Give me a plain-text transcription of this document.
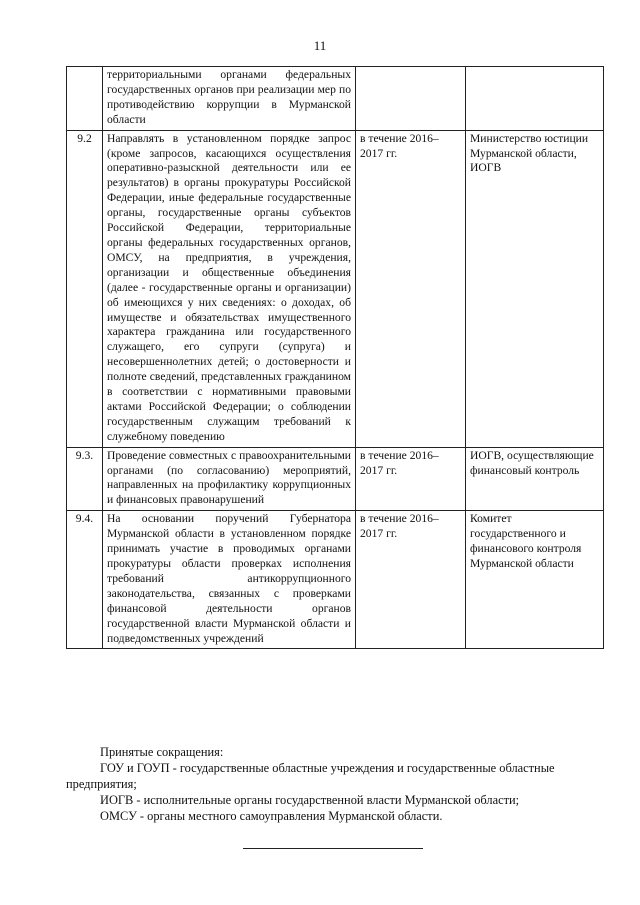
11
	территориальными органами федеральных государственных органов при реализации мер по противодействию коррупции в Мурманской области		
9.2	Направлять в установленном порядке запрос (кроме запросов, касающихся осуществления оперативно-разыскной деятельности или ее результатов) в органы прокуратуры Российской Федерации, иные федеральные государственные органы, государственные органы субъектов Российской Федерации, территориальные органы федеральных государственных органов, ОМСУ, на предприятия, в учреждения, организации и общественные объединения (далее - государственные органы и организации) об имеющихся у них сведениях: о доходах, об имуществе и обязательствах имущественного характера гражданина или государственного служащего, его супруги (супруга) и несовершеннолетних детей; о достоверности и полноте сведений, представленных гражданином в соответствии с нормативными правовыми актами Российской Федерации; о соблюдении государственным служащим требований к служебному поведению	в течение 2016–2017 гг.	Министерство юстиции Мурманской области, ИОГВ
9.3.	Проведение совместных с правоохранительными органами (по согласованию) мероприятий, направленных на профилактику коррупционных и финансовых правонарушений	в течение 2016–2017 гг.	ИОГВ, осуществляющие финансовый контроль
9.4.	На основании поручений Губернатора Мурманской области в установленном порядке принимать участие в проводимых органами прокуратуры области проверках исполнения требований антикоррупционного законодательства, связанных с проверками финансовой деятельности органов государственной власти Мурманской области и подведомственных учреждений	в течение 2016–2017 гг.	Комитет государственного и финансового контроля Мурманской области

Принятые сокращения:

ГОУ и ГОУП - государственные областные учреждения и государственные областные предприятия;

ИОГВ - исполнительные органы государственной власти Мурманской области;

ОМСУ - органы местного самоуправления Мурманской области.
